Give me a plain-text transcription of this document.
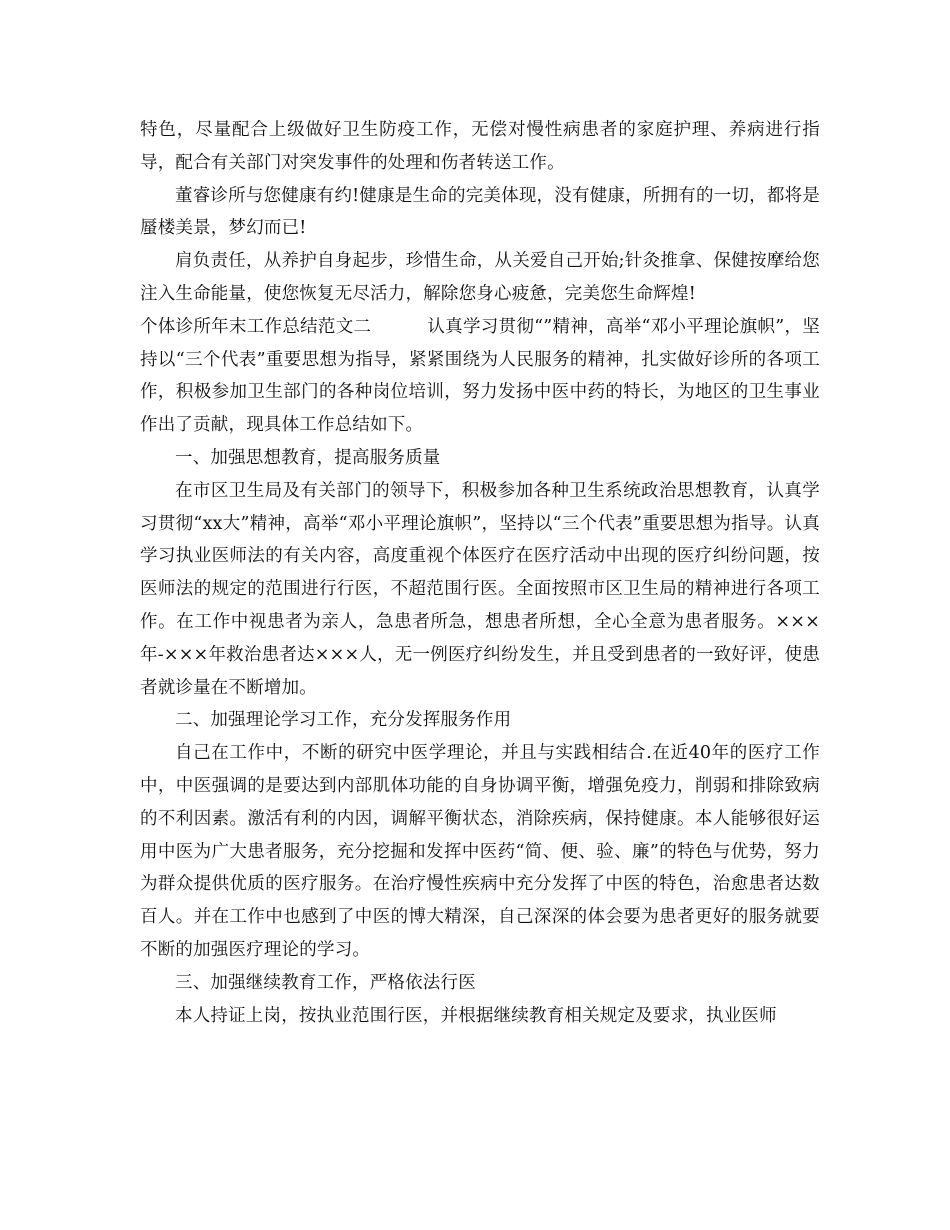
特色，尽量配合上级做好卫生防疫工作，无偿对慢性病患者的家庭护理、养病进行指导，配合有关部门对突发事件的处理和伤者转送工作。

董睿诊所与您健康有约!健康是生命的完美体现，没有健康，所拥有的一切，都将是蜃楼美景，梦幻而已!

肩负责任，从养护自身起步，珍惜生命，从关爱自己开始;针灸推拿、保健按摩给您注入生命能量，使您恢复无尽活力，解除您身心疲惫，完美您生命辉煌!

个体诊所年末工作总结范文二	认真学习贯彻“”精神，高举“邓小平理论旗帜”，坚持以“三个代表”重要思想为指导，紧紧围绕为人民服务的精神，扎实做好诊所的各项工作，积极参加卫生部门的各种岗位培训，努力发扬中医中药的特长，为地区的卫生事业作出了贡献，现具体工作总结如下。

一、加强思想教育，提高服务质量

在市区卫生局及有关部门的领导下，积极参加各种卫生系统政治思想教育，认真学习贯彻“xx大”精神，高举“邓小平理论旗帜”，坚持以“三个代表”重要思想为指导。认真学习执业医师法的有关内容，高度重视个体医疗在医疗活动中出现的医疗纠纷问题，按医师法的规定的范围进行行医，不超范围行医。全面按照市区卫生局的精神进行各项工作。在工作中视患者为亲人，急患者所急，想患者所想，全心全意为患者服务。×××年-×××年救治患者达×××人，无一例医疗纠纷发生，并且受到患者的一致好评，使患者就诊量在不断增加。

二、加强理论学习工作，充分发挥服务作用

自己在工作中，不断的研究中医学理论，并且与实践相结合.在近40年的医疗工作中，中医强调的是要达到内部肌体功能的自身协调平衡，增强免疫力，削弱和排除致病的不利因素。激活有利的内因，调解平衡状态，消除疾病，保持健康。本人能够很好运用中医为广大患者服务，充分挖掘和发挥中医药“简、便、验、廉”的特色与优势，努力为群众提供优质的医疗服务。在治疗慢性疾病中充分发挥了中医的特色，治愈患者达数百人。并在工作中也感到了中医的博大精深，自己深深的体会要为患者更好的服务就要不断的加强医疗理论的学习。

三、加强继续教育工作，严格依法行医

本人持证上岗，按执业范围行医，并根据继续教育相关规定及要求，执业医师
